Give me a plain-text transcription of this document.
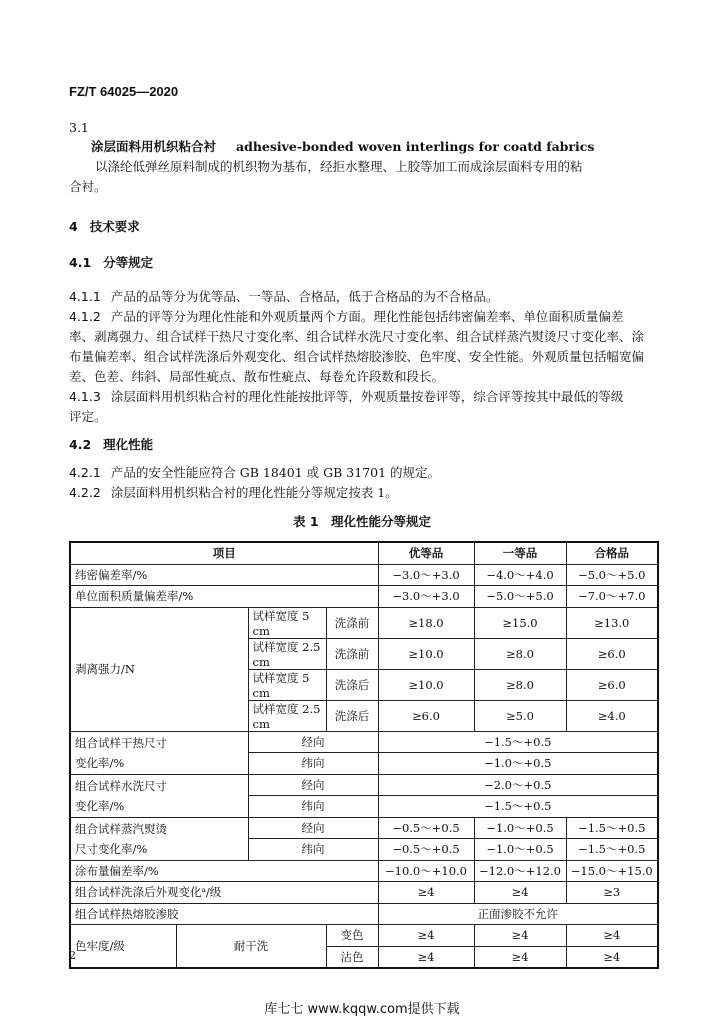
FZ/T 64025—2020
3.1
涂层面料用机织粘合衬 adhesive-bonded woven interlings for coatd fabrics
以涤纶低弹丝原料制成的机织物为基布，经拒水整理、上胶等加工而成涂层面料专用的粘
合衬。
4 技术要求
4.1 分等规定
4.1.1 产品的品等分为优等品、一等品、合格品，低于合格品的为不合格品。
4.1.2 产品的评等分为理化性能和外观质量两个方面。理化性能包括纬密偏差率、单位面积质量偏差
率、剥离强力、组合试样干热尺寸变化率、组合试样水洗尺寸变化率、组合试样蒸汽熨烫尺寸变化率、涂
布量偏差率、组合试样洗涤后外观变化、组合试样热熔胶渗胶、色牢度、安全性能。外观质量包括幅宽偏
差、色差、纬斜、局部性疵点、散布性疵点、每卷允许段数和段长。
4.1.3 涂层面料用机织粘合衬的理化性能按批评等，外观质量按卷评等，综合评等按其中最低的等级
评定。
4.2 理化性能
4.2.1 产品的安全性能应符合 GB 18401 或 GB 31701 的规定。
4.2.2 涂层面料用机织粘合衬的理化性能分等规定按表 1。
表 1　理化性能分等规定
项目				优等品	一等品	合格品
纬密偏差率/%				−3.0～+3.0	−4.0～+4.0	−5.0～+5.0
单位面积质量偏差率/%				−3.0～+3.0	−5.0～+5.0	−7.0～+7.0
剥离强力/N		试样宽度 5 cm	洗涤前	≥18.0	≥15.0	≥13.0
		试样宽度 2.5 cm	洗涤前	≥10.0	≥8.0	≥6.0
		试样宽度 5 cm	洗涤后	≥10.0	≥8.0	≥6.0
		试样宽度 2.5 cm	洗涤后	≥6.0	≥5.0	≥4.0

组合试样干热尺寸
变化率/%		经向		−1.5～+0.5		
		纬向		−1.0～+0.5		

组合试样水洗尺寸
变化率/%		经向		−2.0～+0.5		
		纬向		−1.5～+0.5		

组合试样蒸汽熨烫
尺寸变化率/%		经向		−0.5～+0.5	−1.0～+0.5	−1.5～+0.5
		纬向		−0.5～+0.5	−1.0～+0.5	−1.5～+0.5
涂布量偏差率/%				−10.0～+10.0	−12.0～+12.0	−15.0～+15.0
组合试样洗涤后外观变化ᵃ/级				≥4	≥4	≥3
组合试样热熔胶渗胶				正面渗胶不允许		
色牢度/级	耐干洗		变色	≥4	≥4	≥4
			沾色	≥4	≥4	≥4
2
库七七 www.kqqw.com提供下载
